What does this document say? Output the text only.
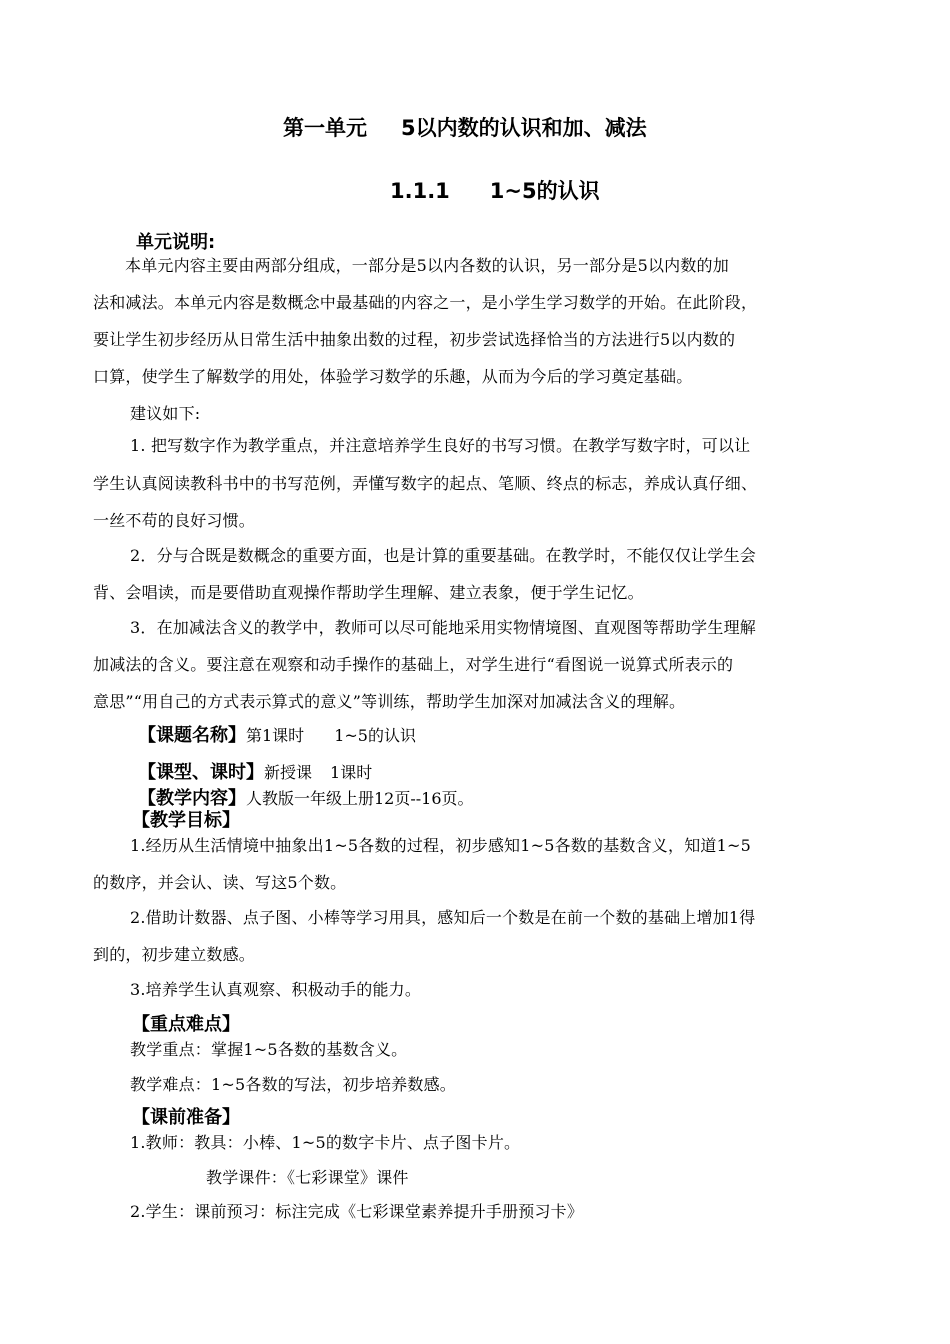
第一单元 5以内数的认识和加、减法
1.1.1 1~5的认识
单元说明:
本单元内容主要由两部分组成，一部分是5以内各数的认识，另一部分是5以内数的加
法和减法。本单元内容是数概念中最基础的内容之一，是小学生学习数学的开始。在此阶段，
要让学生初步经历从日常生活中抽象出数的过程，初步尝试选择恰当的方法进行5以内数的
口算，使学生了解数学的用处，体验学习数学的乐趣，从而为今后的学习奠定基础。
建议如下:
1. 把写数字作为教学重点，并注意培养学生良好的书写习惯。在教学写数字时，可以让
学生认真阅读教科书中的书写范例，弄懂写数字的起点、笔顺、终点的标志，养成认真仔细、
一丝不苟的良好习惯。
2．分与合既是数概念的重要方面，也是计算的重要基础。在教学时，不能仅仅让学生会
背、会唱读，而是要借助直观操作帮助学生理解、建立表象，便于学生记忆。
3．在加减法含义的教学中，教师可以尽可能地采用实物情境图、直观图等帮助学生理解
加减法的含义。要注意在观察和动手操作的基础上，对学生进行“看图说一说算式所表示的
意思”“用自己的方式表示算式的意义”等训练，帮助学生加深对加减法含义的理解。
【课题名称】第1课时 1~5的认识
【课型、课时】新授课 1课时
【教学内容】人教版一年级上册12页--16页。
【教学目标】
1.经历从生活情境中抽象出1~5各数的过程，初步感知1~5各数的基数含义，知道1~5
的数序，并会认、读、写这5个数。
2.借助计数器、点子图、小棒等学习用具，感知后一个数是在前一个数的基础上增加1得
到的，初步建立数感。
3.培养学生认真观察、积极动手的能力。
【重点难点】
教学重点：掌握1~5各数的基数含义。
教学难点：1~5各数的写法，初步培养数感。
【课前准备】
1.教师：教具：小棒、1~5的数字卡片、点子图卡片。
教学课件：《七彩课堂》课件
2.学生：课前预习：标注完成《七彩课堂素养提升手册预习卡》
